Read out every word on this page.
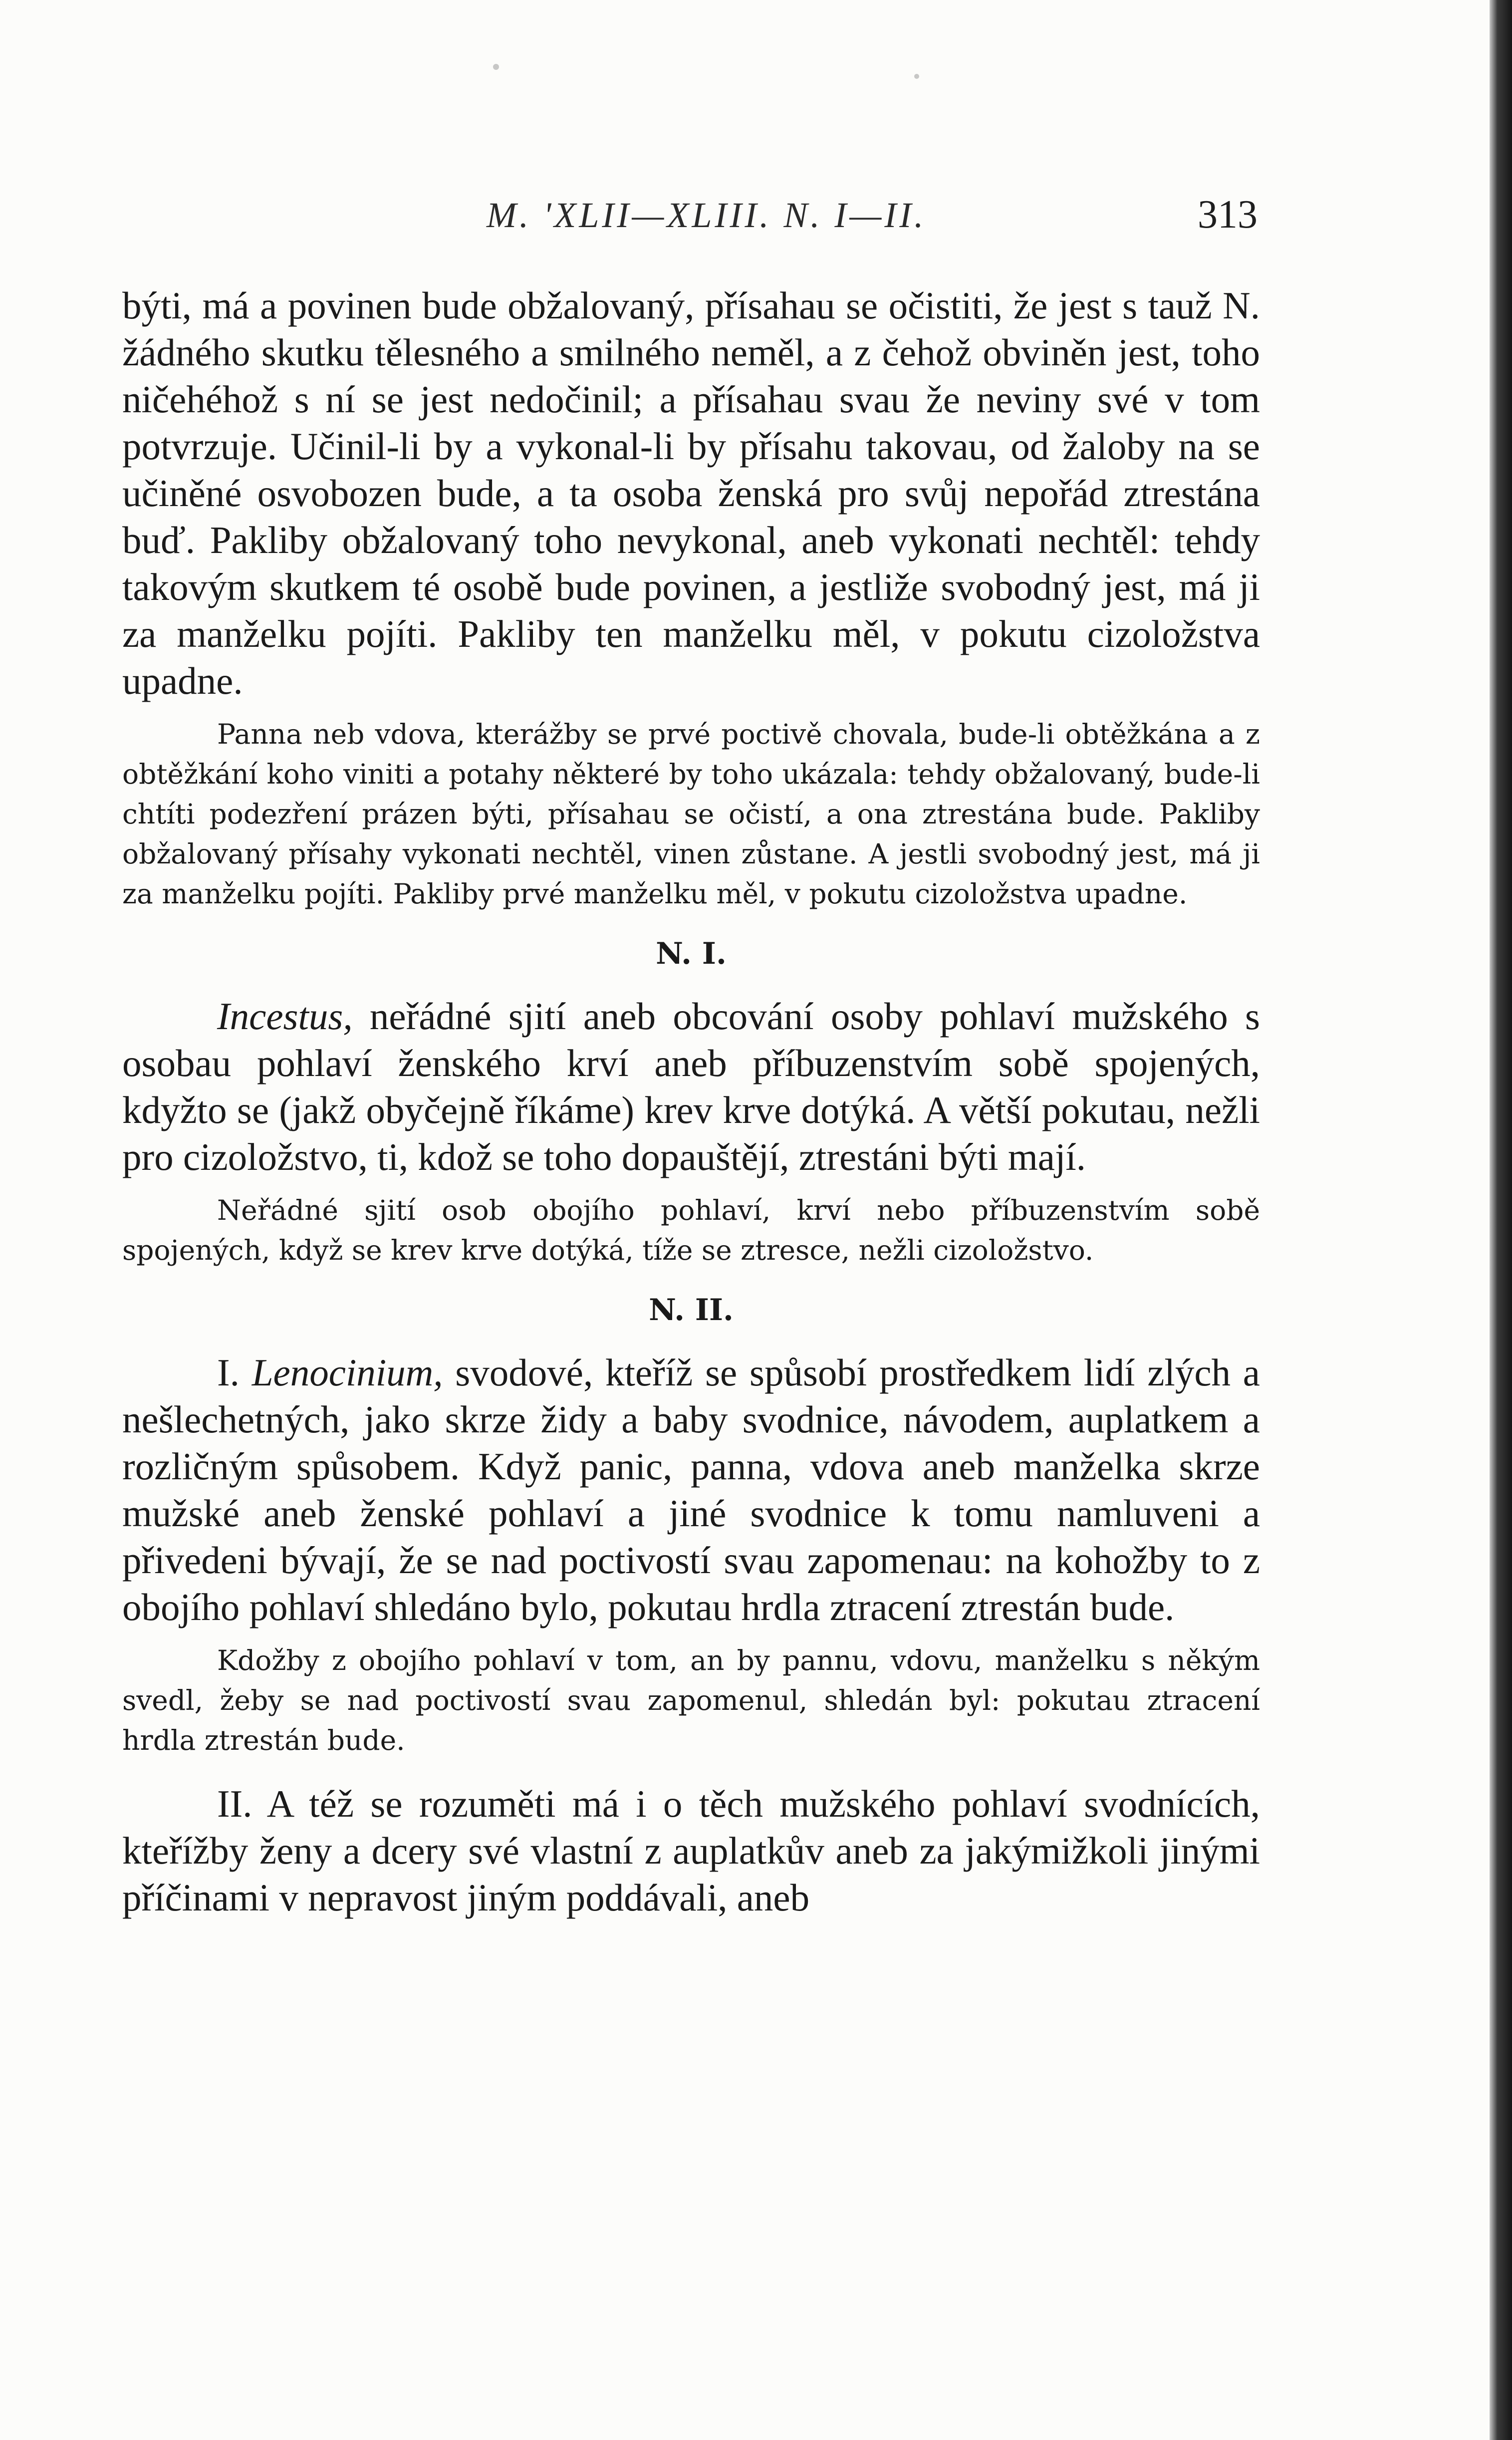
M. 'XLII—XLIII. N. I—II.	313

býti, má a povinen bude obžalovaný, přísahau se očistiti, že jest s tauž N. žádného skutku tělesného a smilného neměl, a z čehož obviněn jest, toho ničehéhož s ní se jest nedočinil; a přísahau svau že neviny své v tom potvrzuje. Učinil-li by a vykonal-li by přísahu takovau, od žaloby na se učiněné osvobozen bude, a ta osoba ženská pro svůj nepořád ztrestána buď. Pakliby obžalovaný toho nevykonal, aneb vykonati nechtěl: tehdy takovým skutkem té osobě bude povinen, a jestliže svobodný jest, má ji za manželku pojíti. Pakliby ten manželku měl, v pokutu cizoložstva upadne.

Panna neb vdova, kterážby se prvé poctivě chovala, bude-li obtěžkána a z obtěžkání koho viniti a potahy některé by toho ukázala: tehdy obžalovaný, bude-li chtíti podezření prázen býti, přísahau se očistí, a ona ztrestána bude. Pakliby obžalovaný přísahy vykonati nechtěl, vinen zůstane. A jestli svobodný jest, má ji za manželku pojíti. Pakliby prvé manželku měl, v pokutu cizoložstva upadne.

N. I.

Incestus, neřádné sjití aneb obcování osoby pohlaví mužského s osobau pohlaví ženského krví aneb příbuzenstvím sobě spojených, kdyžto se (jakž obyčejně říkáme) krev krve dotýká. A větší pokutau, nežli pro cizoložstvo, ti, kdož se toho dopauštějí, ztrestáni býti mají.

Neřádné sjití osob obojího pohlaví, krví nebo příbuzenstvím sobě spojených, když se krev krve dotýká, tíže se ztresce, nežli cizoložstvo.

N. II.

I. Lenocinium, svodové, kteříž se spůsobí prostředkem lidí zlých a nešlechetných, jako skrze židy a baby svodnice, návodem, auplatkem a rozličným spůsobem. Když panic, panna, vdova aneb manželka skrze mužské aneb ženské pohlaví a jiné svodnice k tomu namluveni a přivedeni bývají, že se nad poctivostí svau zapomenau: na kohožby to z obojího pohlaví shledáno bylo, pokutau hrdla ztracení ztrestán bude.

Kdožby z obojího pohlaví v tom, an by pannu, vdovu, manželku s někým svedl, žeby se nad poctivostí svau zapomenul, shledán byl: pokutau ztracení hrdla ztrestán bude.

II. A též se rozuměti má i o těch mužského pohlaví svodnících, kteřížby ženy a dcery své vlastní z auplatkův aneb za jakýmižkoli jinými příčinami v nepravost jiným poddávali, aneb
